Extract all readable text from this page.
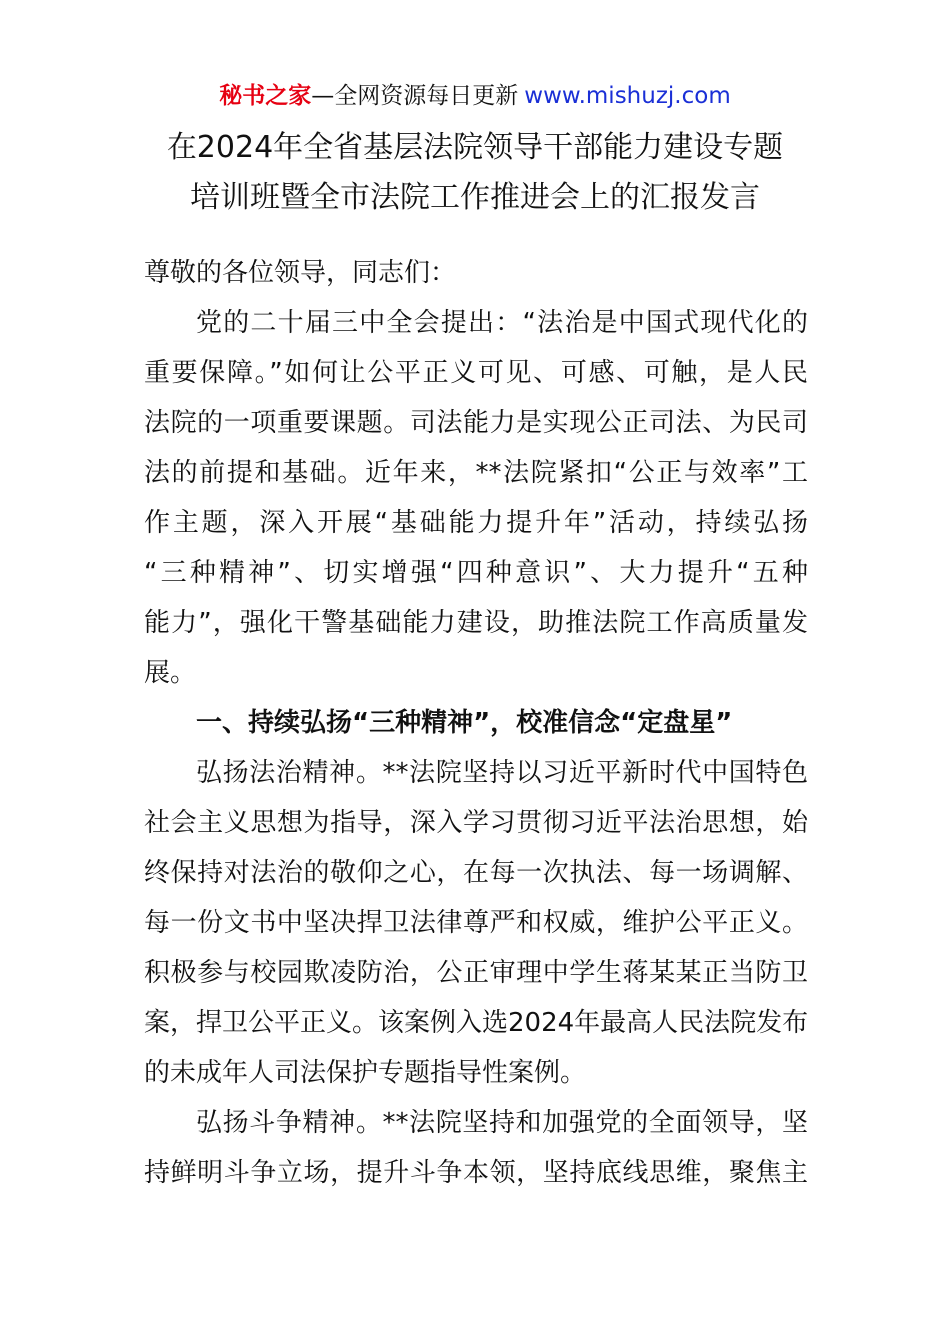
秘书之家—全网资源每日更新 www.mishuzj.com
在2024年全省基层法院领导干部能力建设专题
培训班暨全市法院工作推进会上的汇报发言
尊敬的各位领导，同志们：
党的二十届三中全会提出：“法治是中国式现代化的
重要保障。”如何让公平正义可见、可感、可触，是人民
法院的一项重要课题。司法能力是实现公正司法、为民司
法的前提和基础。近年来，**法院紧扣“公正与效率”工
作主题，深入开展“基础能力提升年”活动，持续弘扬
“三种精神”、切实增强“四种意识”、大力提升“五种
能力”，强化干警基础能力建设，助推法院工作高质量发
展。
一、持续弘扬“三种精神”，校准信念“定盘星”
弘扬法治精神。**法院坚持以习近平新时代中国特色
社会主义思想为指导，深入学习贯彻习近平法治思想，始
终保持对法治的敬仰之心，在每一次执法、每一场调解、
每一份文书中坚决捍卫法律尊严和权威，维护公平正义。
积极参与校园欺凌防治，公正审理中学生蒋某某正当防卫
案，捍卫公平正义。该案例入选2024年最高人民法院发布
的未成年人司法保护专题指导性案例。
弘扬斗争精神。**法院坚持和加强党的全面领导，坚
持鲜明斗争立场，提升斗争本领，坚持底线思维，聚焦主
